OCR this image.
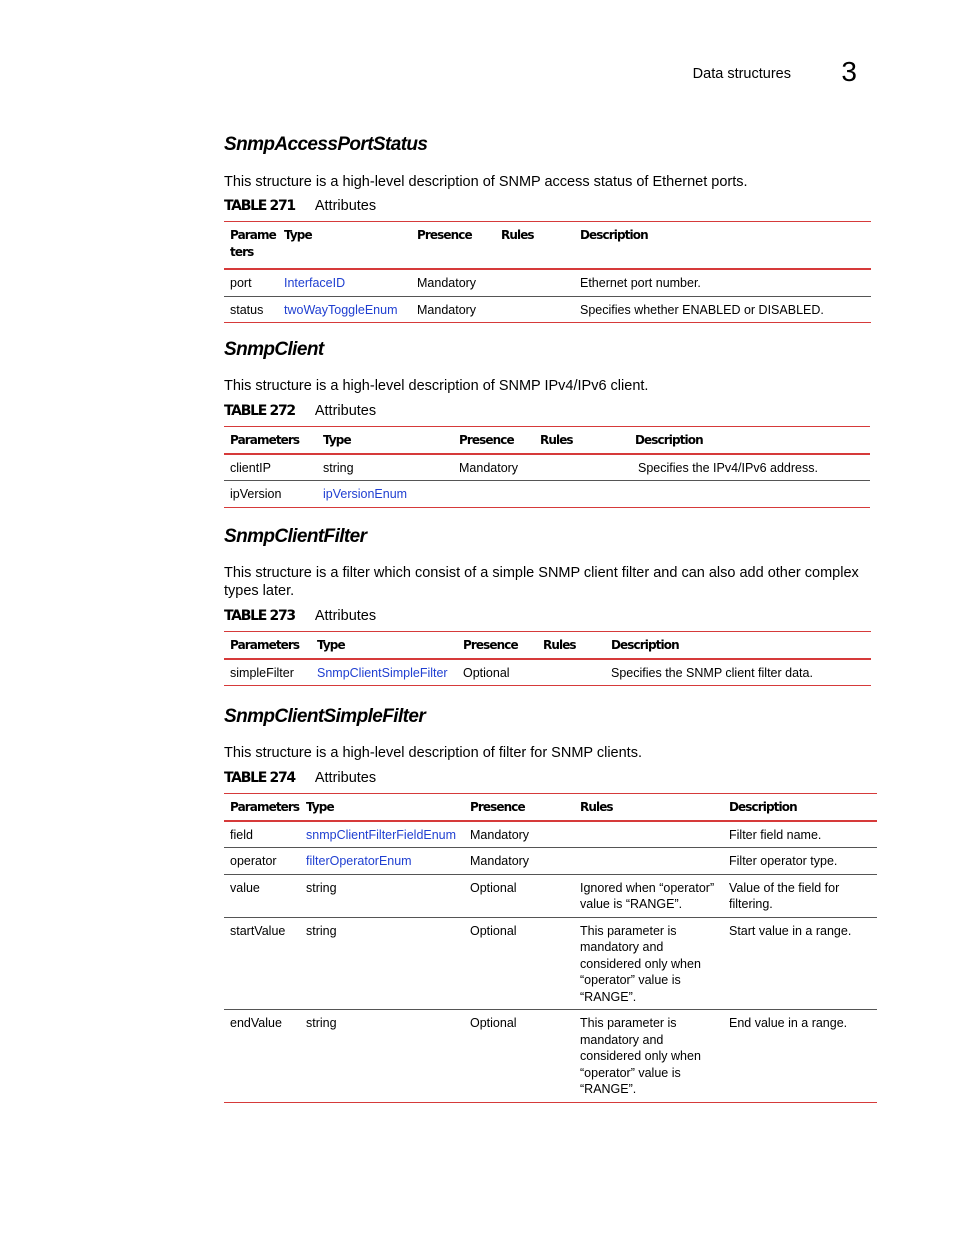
Data structures 3
SnmpAccessPortStatus

This structure is a high-level description of SNMP access status of Ethernet ports.

TABLE 271 Attributes

Parame ters	Type	Presence	Rules	Description
port	InterfaceID	Mandatory		Ethernet port number.
status	twoWayToggleEnum	Mandatory		Specifies whether ENABLED or DISABLED.
SnmpClient

This structure is a high-level description of SNMP IPv4/IPv6 client.

TABLE 272 Attributes

Parameters	Type	Presence	Rules	Description
clientIP	string	Mandatory		Specifies the IPv4/IPv6 address.
ipVersion	ipVersionEnum			
SnmpClientFilter

This structure is a filter which consist of a simple SNMP client filter and can also add other complex types later.

TABLE 273 Attributes

Parameters	Type	Presence	Rules	Description
simpleFilter	SnmpClientSimpleFilter	Optional		Specifies the SNMP client filter data.
SnmpClientSimpleFilter

This structure is a high-level description of filter for SNMP clients.

TABLE 274 Attributes

Parameters	Type	Presence	Rules	Description
field	snmpClientFilterFieldEnum	Mandatory		Filter field name.
operator	filterOperatorEnum	Mandatory		Filter operator type.
value	string	Optional	Ignored when “operator” value is “RANGE”.	Value of the field for filtering.
startValue	string	Optional	This parameter is mandatory and considered only when “operator” value is “RANGE”.	Start value in a range.
endValue	string	Optional	This parameter is mandatory and considered only when “operator” value is “RANGE”.	End value in a range.
